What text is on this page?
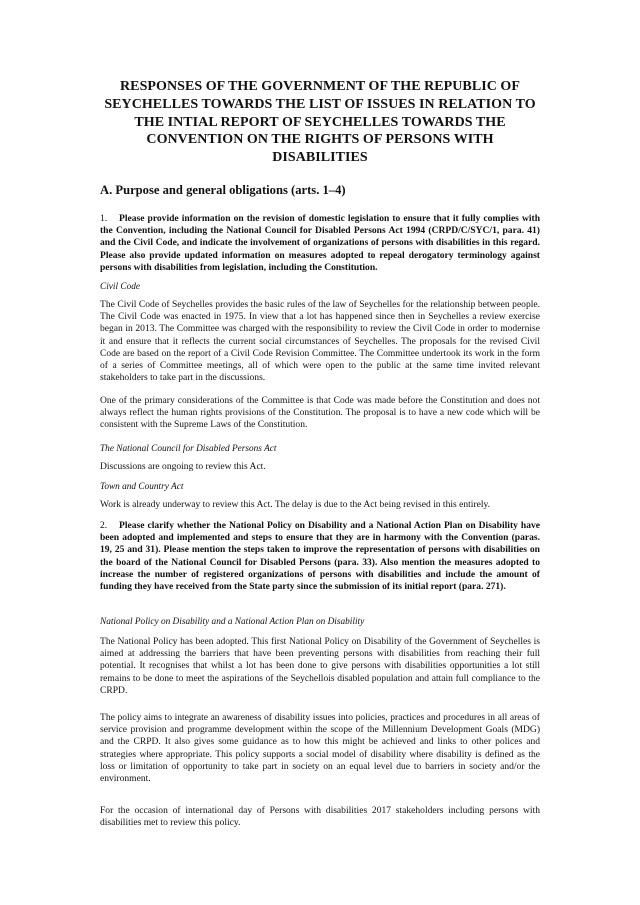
RESPONSES OF THE GOVERNMENT OF THE REPUBLIC OF SEYCHELLES TOWARDS THE LIST OF ISSUES IN RELATION TO THE INTIAL REPORT OF SEYCHELLES TOWARDS THE CONVENTION ON THE RIGHTS OF PERSONS WITH DISABILITIES
A. Purpose and general obligations (arts. 1–4)

1. Please provide information on the revision of domestic legislation to ensure that it fully complies with the Convention, including the National Council for Disabled Persons Act 1994 (CRPD/C/SYC/1, para. 41) and the Civil Code, and indicate the involvement of organizations of persons with disabilities in this regard. Please also provide updated information on measures adopted to repeal derogatory terminology against persons with disabilities from legislation, including the Constitution.

Civil Code

The Civil Code of Seychelles provides the basic rules of the law of Seychelles for the relationship between people. The Civil Code was enacted in 1975. In view that a lot has happened since then in Seychelles a review exercise began in 2013. The Committee was charged with the responsibility to review the Civil Code in order to modernise it and ensure that it reflects the current social circumstances of Seychelles. The proposals for the revised Civil Code are based on the report of a Civil Code Revision Committee. The Committee undertook its work in the form of a series of Committee meetings, all of which were open to the public at the same time invited relevant stakeholders to take part in the discussions.

One of the primary considerations of the Committee is that Code was made before the Constitution and does not always reflect the human rights provisions of the Constitution. The proposal is to have a new code which will be consistent with the Supreme Laws of the Constitution.

The National Council for Disabled Persons Act

Discussions are ongoing to review this Act.

Town and Country Act

Work is already underway to review this Act. The delay is due to the Act being revised in this entirely.

2. Please clarify whether the National Policy on Disability and a National Action Plan on Disability have been adopted and implemented and steps to ensure that they are in harmony with the Convention (paras. 19, 25 and 31). Please mention the steps taken to improve the representation of persons with disabilities on the board of the National Council for Disabled Persons (para. 33). Also mention the measures adopted to increase the number of registered organizations of persons with disabilities and include the amount of funding they have received from the State party since the submission of its initial report (para. 271).

National Policy on Disability and a National Action Plan on Disability

The National Policy has been adopted. This first National Policy on Disability of the Government of Seychelles is aimed at addressing the barriers that have been preventing persons with disabilities from reaching their full potential. It recognises that whilst a lot has been done to give persons with disabilities opportunities a lot still remains to be done to meet the aspirations of the Seychellois disabled population and attain full compliance to the CRPD.

The policy aims to integrate an awareness of disability issues into policies, practices and procedures in all areas of service provision and programme development within the scope of the Millennium Development Goals (MDG) and the CRPD. It also gives some guidance as to how this might be achieved and links to other polices and strategies where appropriate. This policy supports a social model of disability where disability is defined as the loss or limitation of opportunity to take part in society on an equal level due to barriers in society and/or the environment.

For the occasion of international day of Persons with disabilities 2017 stakeholders including persons with disabilities met to review this policy.
